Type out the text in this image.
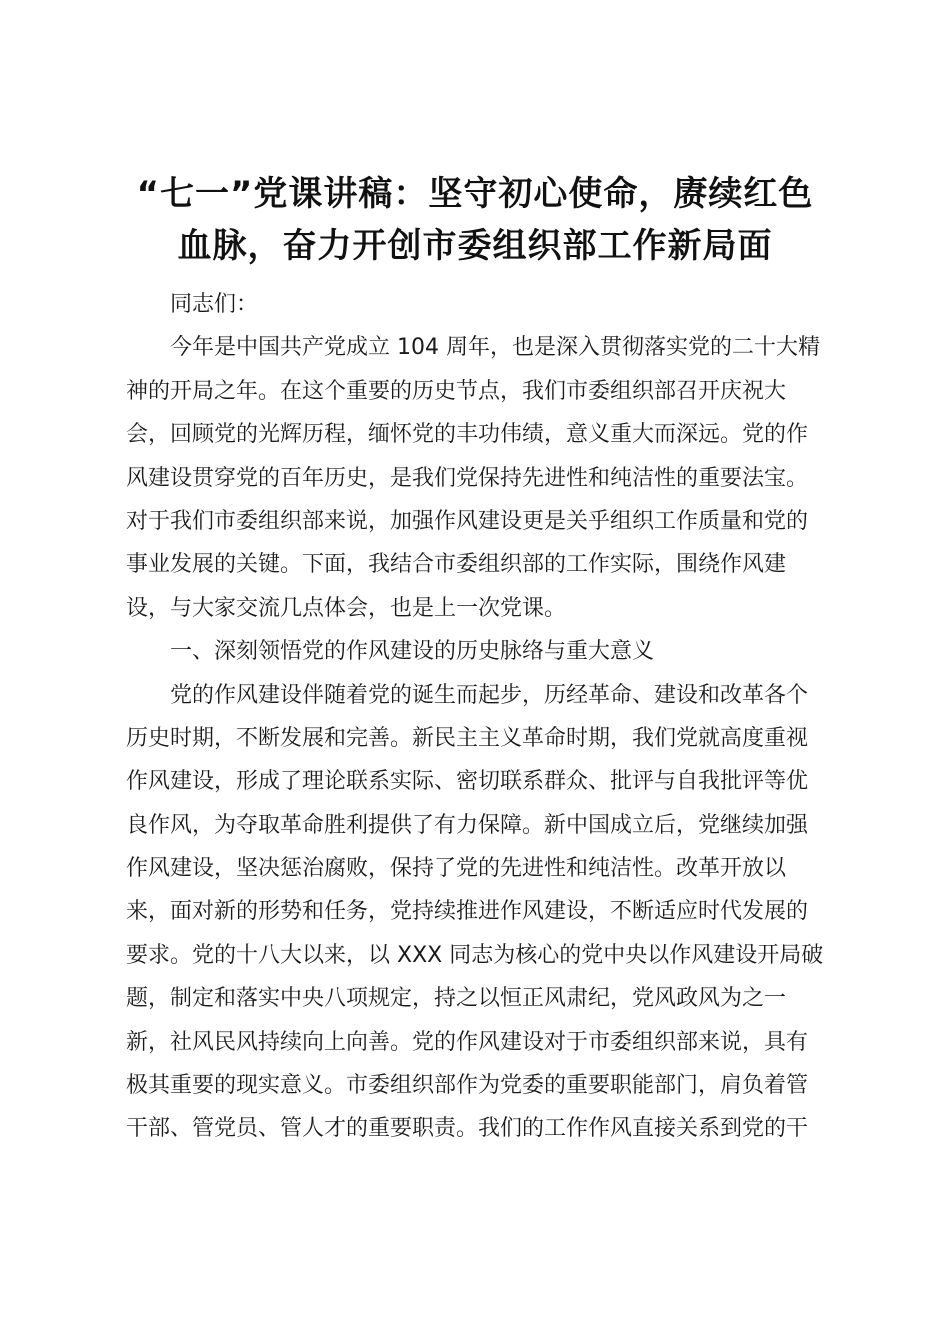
“七一”党课讲稿：坚守初心使命，赓续红色
血脉，奋力开创市委组织部工作新局面
同志们：
今年是中国共产党成立 104 周年，也是深入贯彻落实党的二十大精
神的开局之年。在这个重要的历史节点，我们市委组织部召开庆祝大
会，回顾党的光辉历程，缅怀党的丰功伟绩，意义重大而深远。党的作
风建设贯穿党的百年历史，是我们党保持先进性和纯洁性的重要法宝。
对于我们市委组织部来说，加强作风建设更是关乎组织工作质量和党的
事业发展的关键。下面，我结合市委组织部的工作实际，围绕作风建
设，与大家交流几点体会，也是上一次党课。
一、深刻领悟党的作风建设的历史脉络与重大意义
党的作风建设伴随着党的诞生而起步，历经革命、建设和改革各个
历史时期，不断发展和完善。新民主主义革命时期，我们党就高度重视
作风建设，形成了理论联系实际、密切联系群众、批评与自我批评等优
良作风，为夺取革命胜利提供了有力保障。新中国成立后，党继续加强
作风建设，坚决惩治腐败，保持了党的先进性和纯洁性。改革开放以
来，面对新的形势和任务，党持续推进作风建设，不断适应时代发展的
要求。党的十八大以来，以 XXX 同志为核心的党中央以作风建设开局破
题，制定和落实中央八项规定，持之以恒正风肃纪，党风政风为之一
新，社风民风持续向上向善。党的作风建设对于市委组织部来说，具有
极其重要的现实意义。市委组织部作为党委的重要职能部门，肩负着管
干部、管党员、管人才的重要职责。我们的工作作风直接关系到党的干
